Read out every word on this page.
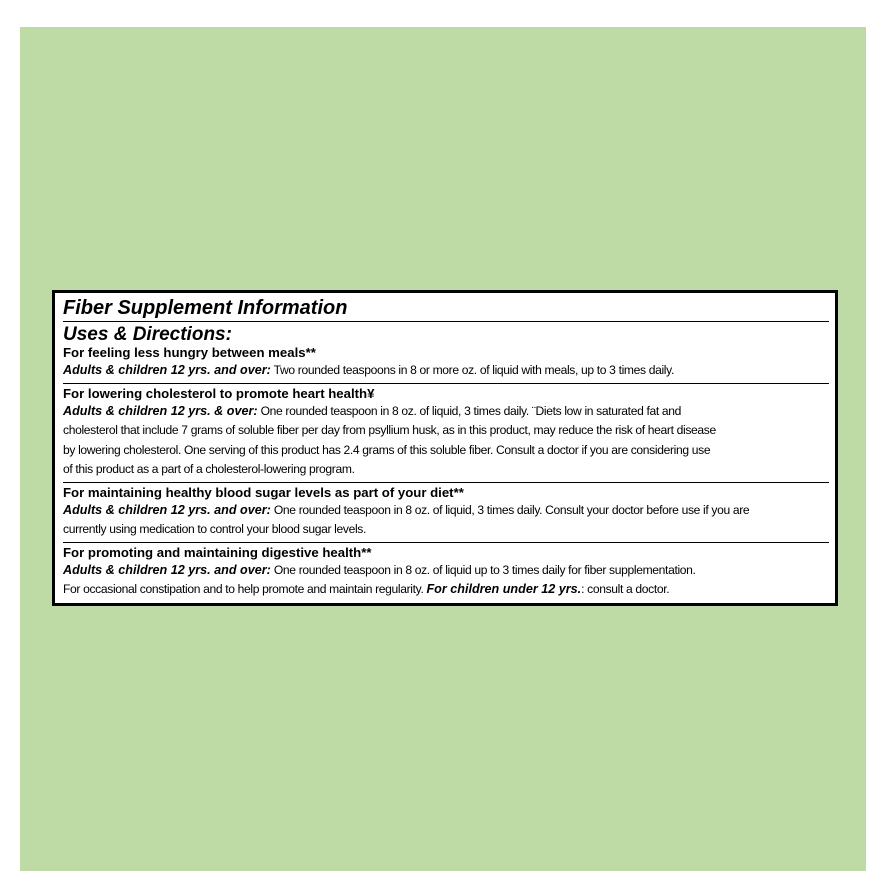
Fiber Supplement Information
Uses & Directions:
For feeling less hungry between meals**
Adults & children 12 yrs. and over: Two rounded teaspoons in 8 or more oz. of liquid with meals, up to 3 times daily.
For lowering cholesterol to promote heart health¥
Adults & children 12 yrs. & over: One rounded teaspoon in 8 oz. of liquid, 3 times daily. ¨Diets low in saturated fat and
cholesterol that include 7 grams of soluble fiber per day from psyllium husk, as in this product, may reduce the risk of heart disease
by lowering cholesterol. One serving of this product has 2.4 grams of this soluble fiber. Consult a doctor if you are considering use
of this product as a part of a cholesterol-lowering program.
For maintaining healthy blood sugar levels as part of your diet**
Adults & children 12 yrs. and over: One rounded teaspoon in 8 oz. of liquid, 3 times daily. Consult your doctor before use if you are
currently using medication to control your blood sugar levels.
For promoting and maintaining digestive health**
Adults & children 12 yrs. and over: One rounded teaspoon in 8 oz. of liquid up to 3 times daily for fiber supplementation.
For occasional constipation and to help promote and maintain regularity. For children under 12 yrs.: consult a doctor.
